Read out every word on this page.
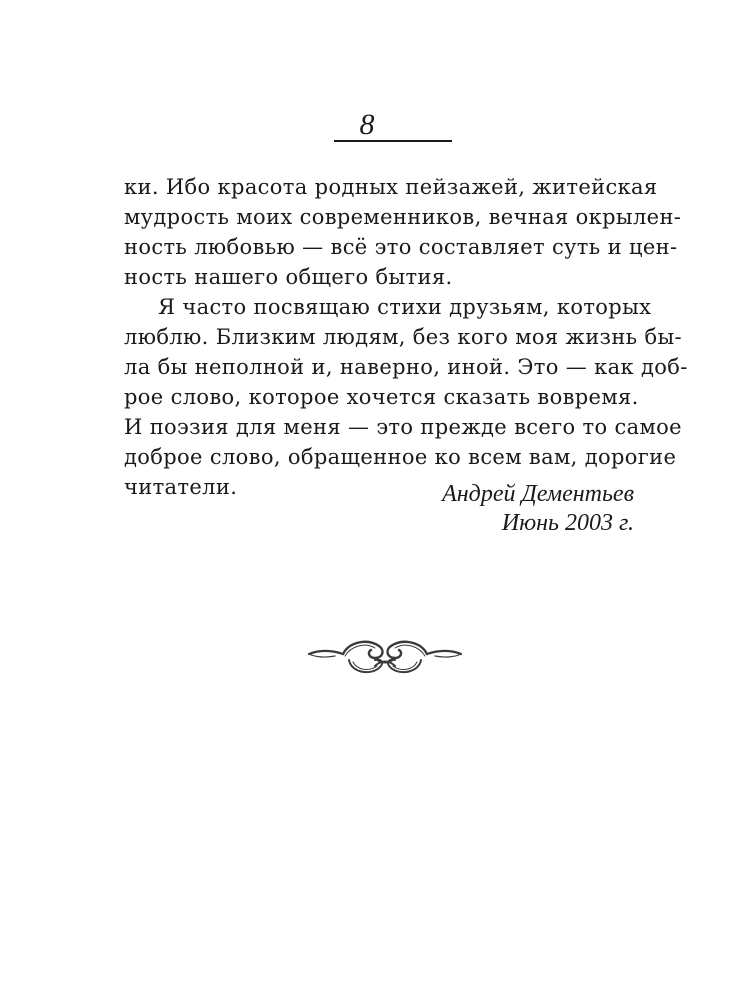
8
ки. Ибо красота родных пейзажей, житейская
мудрость моих современников, вечная окрылен-
ность любовью — всё это составляет суть и цен-
ность нашего общего бытия.
Я часто посвящаю стихи друзьям, которых
люблю. Близким людям, без кого моя жизнь бы-
ла бы неполной и, наверно, иной. Это — как доб-
рое слово, которое хочется сказать вовремя.
И поэзия для меня — это прежде всего то самое
доброе слово, обращенное ко всем вам, дорогие
читатели.	Андрей Дементьев
Июнь 2003 г.
